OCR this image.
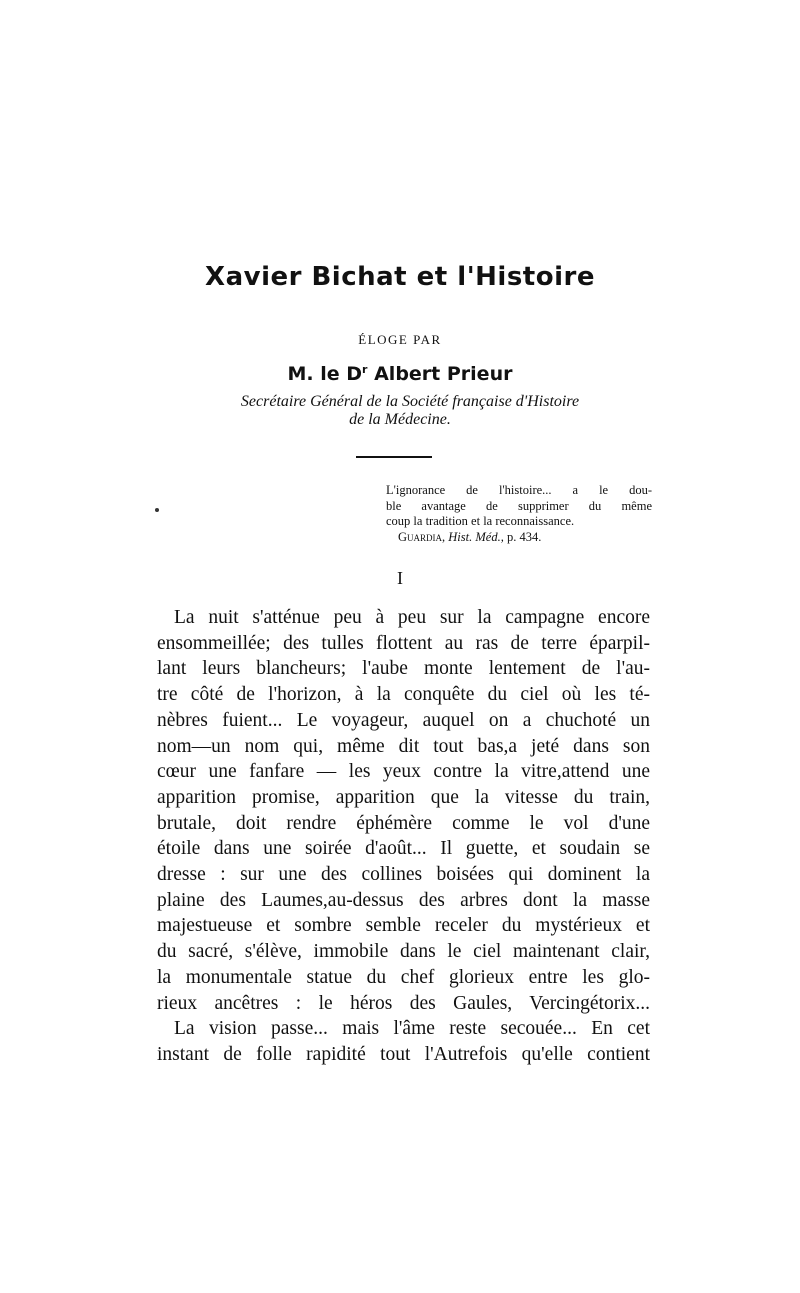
Xavier Bichat et l'Histoire
ÉLOGE PAR
M. le $D^r$ Albert Prieur
Secrétaire Général de la Société française d'Histoire
de la Médecine.
L'ignorance de l'histoire... a le dou-
ble avantage de supprimer du même
coup la tradition et la reconnaissance.
Guardia, Hist. Méd., p. 434.
I
La nuit s'atténue peu à peu sur la campagne encore
ensommeillée; des tulles flottent au ras de terre éparpil-
lant leurs blancheurs; l'aube monte lentement de l'au-
tre côté de l'horizon, à la conquête du ciel où les té-
nèbres fuient... Le voyageur, auquel on a chuchoté un
nom—un nom qui, même dit tout bas,a jeté dans son
cœur une fanfare — les yeux contre la vitre,attend une
apparition promise, apparition que la vitesse du train,
brutale, doit rendre éphémère comme le vol d'une
étoile dans une soirée d'août... Il guette, et soudain se
dresse : sur une des collines boisées qui dominent la
plaine des Laumes,au-dessus des arbres dont la masse
majestueuse et sombre semble receler du mystérieux et
du sacré, s'élève, immobile dans le ciel maintenant clair,
la monumentale statue du chef glorieux entre les glo-
rieux ancêtres : le héros des Gaules, Vercingétorix...
La vision passe... mais l'âme reste secouée... En cet
instant de folle rapidité tout l'Autrefois qu'elle contient
